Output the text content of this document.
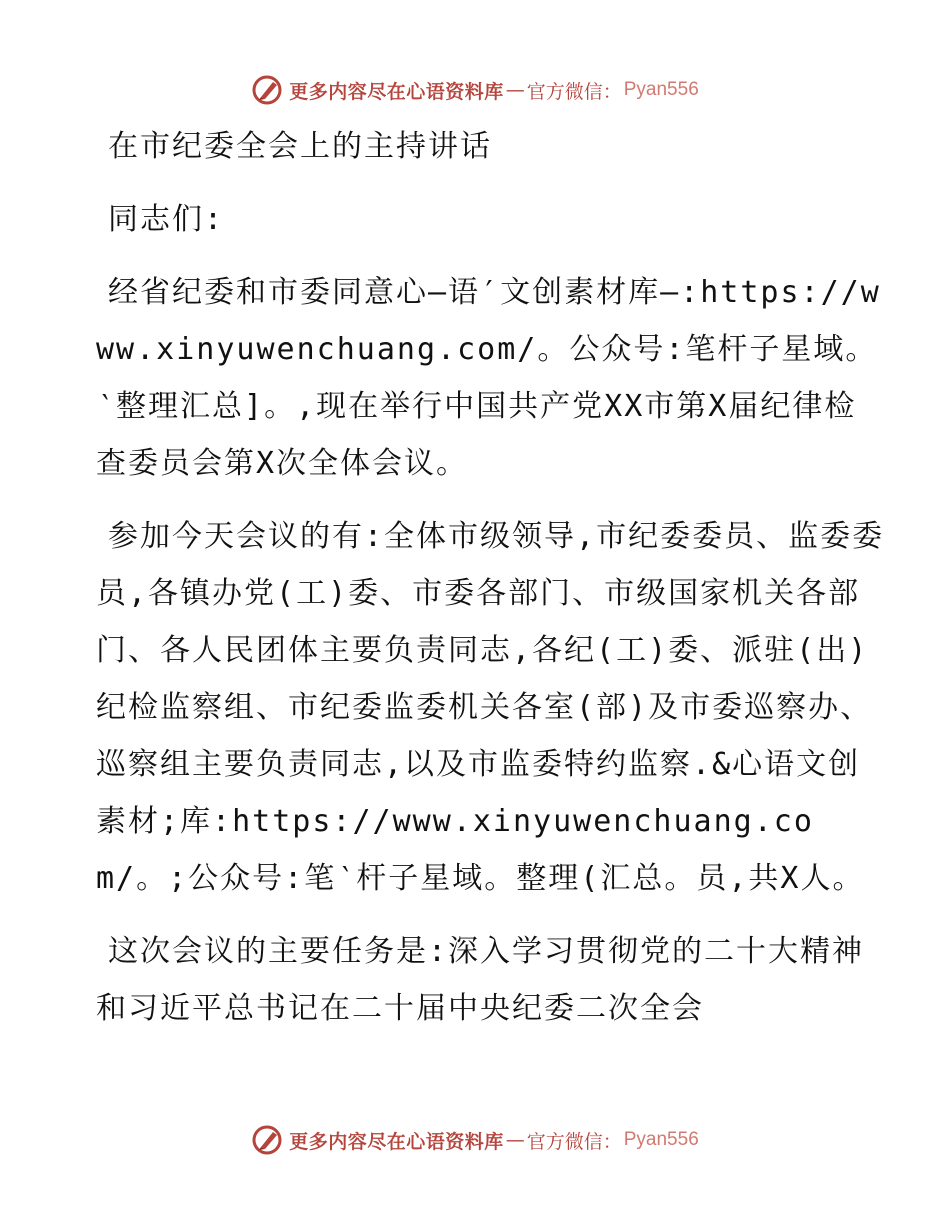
更多内容尽在心语资料库 — 官方微信： Pyan556

在市纪委全会上的主持讲话

同志们:

经省纪委和市委同意心—语′文创素材库—:https://www.xinyuwenchuang.com/。公众号:笔杆子星域。‵整理汇总]。,现在举行中国共产党XX市第X届纪律检查委员会第X次全体会议。

参加今天会议的有:全体市级领导,市纪委委员、监委委员,各镇办党(工)委、市委各部门、市级国家机关各部门、各人民团体主要负责同志,各纪(工)委、派驻(出)纪检监察组、市纪委监委机关各室(部)及市委巡察办、巡察组主要负责同志,以及市监委特约监察.&心语文创素材;库:https://www.xinyuwenchuang.com/。;公众号:笔‵杆子星域。整理(汇总。员,共X人。

这次会议的主要任务是:深入学习贯彻党的二十大精神和习近平总书记在二十届中央纪委二次全会

更多内容尽在心语资料库 — 官方微信： Pyan556
